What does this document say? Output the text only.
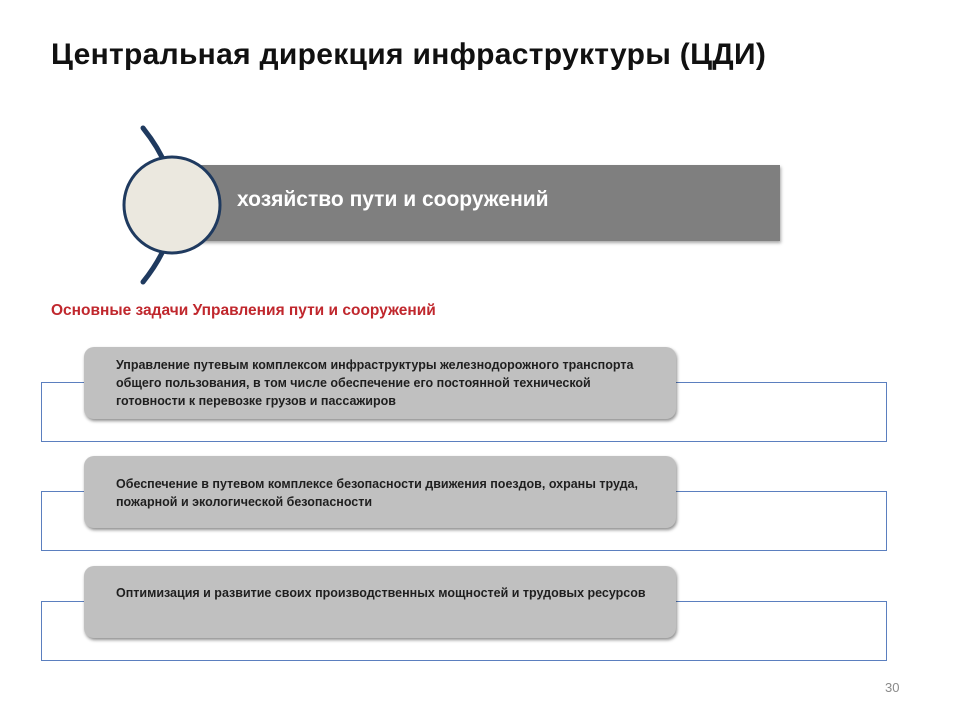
Центральная дирекция инфраструктуры (ЦДИ)
хозяйство пути и сооружений
Основные задачи Управления пути и сооружений
Управление путевым комплексом инфраструктуры железнодорожного транспорта общего пользования, в том числе обеспечение его постоянной технической готовности к перевозке грузов и пассажиров
Обеспечение в путевом комплексе безопасности движения поездов, охраны труда, пожарной и экологической безопасности
Оптимизация и развитие своих производственных мощностей и трудовых ресурсов
30
